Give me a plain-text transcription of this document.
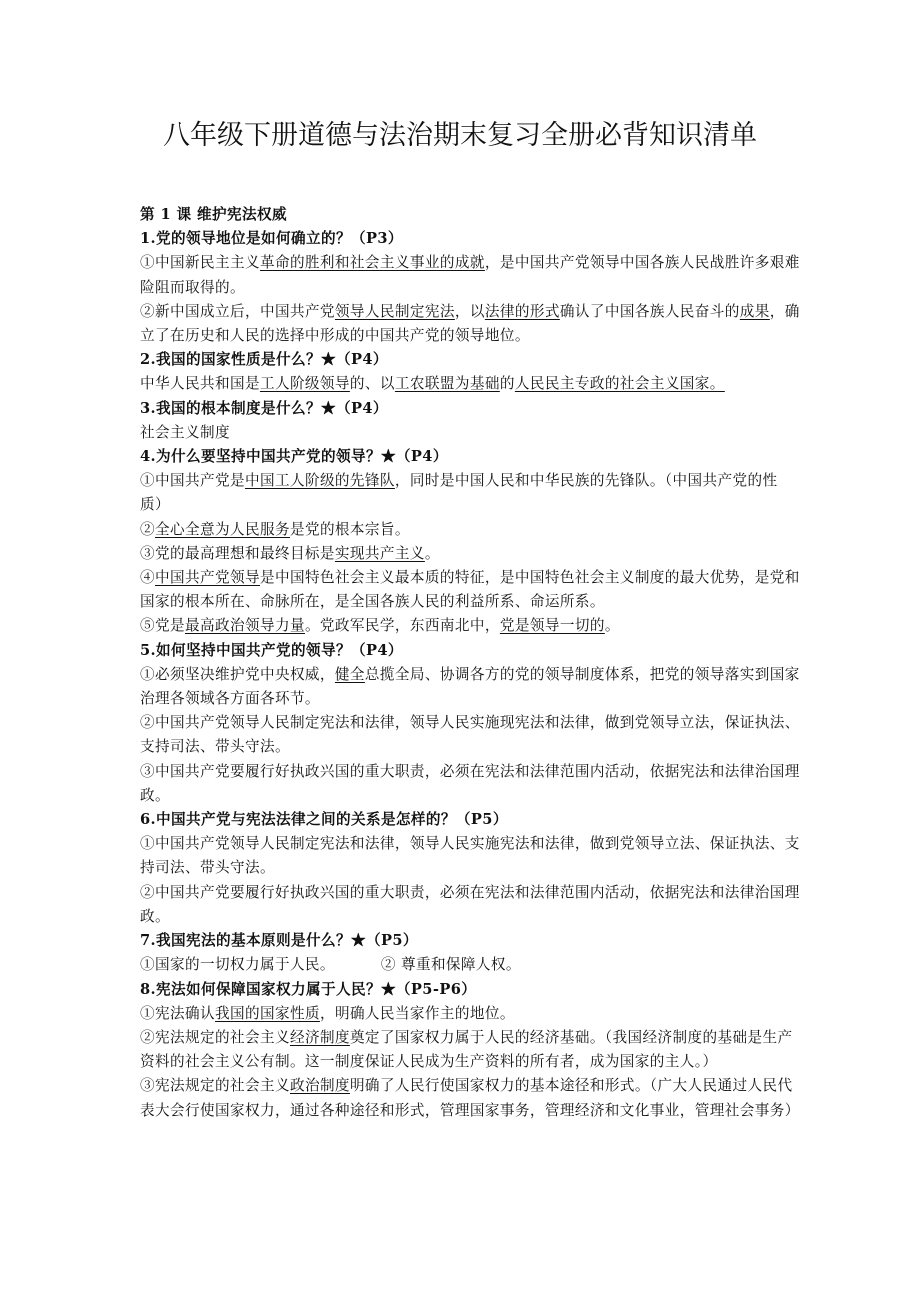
八年级下册道德与法治期末复习全册必背知识清单

第 1 课 维护宪法权威

1.党的领导地位是如何确立的？（P3）

①中国新民主主义革命的胜利和社会主义事业的成就，是中国共产党领导中国各族人民战胜许多艰难险阻而取得的。

②新中国成立后，中国共产党领导人民制定宪法，以法律的形式确认了中国各族人民奋斗的成果，确立了在历史和人民的选择中形成的中国共产党的领导地位。

2.我国的国家性质是什么？★（P4）

中华人民共和国是工人阶级领导的、以工农联盟为基础的人民民主专政的社会主义国家。

3.我国的根本制度是什么？★（P4）

社会主义制度

4.为什么要坚持中国共产党的领导？★（P4）

①中国共产党是中国工人阶级的先锋队，同时是中国人民和中华民族的先锋队。（中国共产党的性质）

②全心全意为人民服务是党的根本宗旨。

③党的最高理想和最终目标是实现共产主义。

④中国共产党领导是中国特色社会主义最本质的特征，是中国特色社会主义制度的最大优势，是党和国家的根本所在、命脉所在，是全国各族人民的利益所系、命运所系。

⑤党是最高政治领导力量。党政军民学，东西南北中，党是领导一切的。

5.如何坚持中国共产党的领导？（P4）

①必须坚决维护党中央权威，健全总揽全局、协调各方的党的领导制度体系，把党的领导落实到国家治理各领域各方面各环节。

②中国共产党领导人民制定宪法和法律，领导人民实施现宪法和法律，做到党领导立法，保证执法、支持司法、带头守法。

③中国共产党要履行好执政兴国的重大职责，必须在宪法和法律范围内活动，依据宪法和法律治国理政。

6.中国共产党与宪法法律之间的关系是怎样的？（P5）

①中国共产党领导人民制定宪法和法律，领导人民实施宪法和法律，做到党领导立法、保证执法、支持司法、带头守法。

②中国共产党要履行好执政兴国的重大职责，必须在宪法和法律范围内活动，依据宪法和法律治国理政。

7.我国宪法的基本原则是什么？★（P5）

①国家的一切权力属于人民。	② 尊重和保障人权。

8.宪法如何保障国家权力属于人民？★（P5-P6）

①宪法确认我国的国家性质，明确人民当家作主的地位。

②宪法规定的社会主义经济制度奠定了国家权力属于人民的经济基础。（我国经济制度的基础是生产资料的社会主义公有制。这一制度保证人民成为生产资料的所有者，成为国家的主人。）

③宪法规定的社会主义政治制度明确了人民行使国家权力的基本途径和形式。（广大人民通过人民代表大会行使国家权力，通过各种途径和形式，管理国家事务，管理经济和文化事业，管理社会事务）
